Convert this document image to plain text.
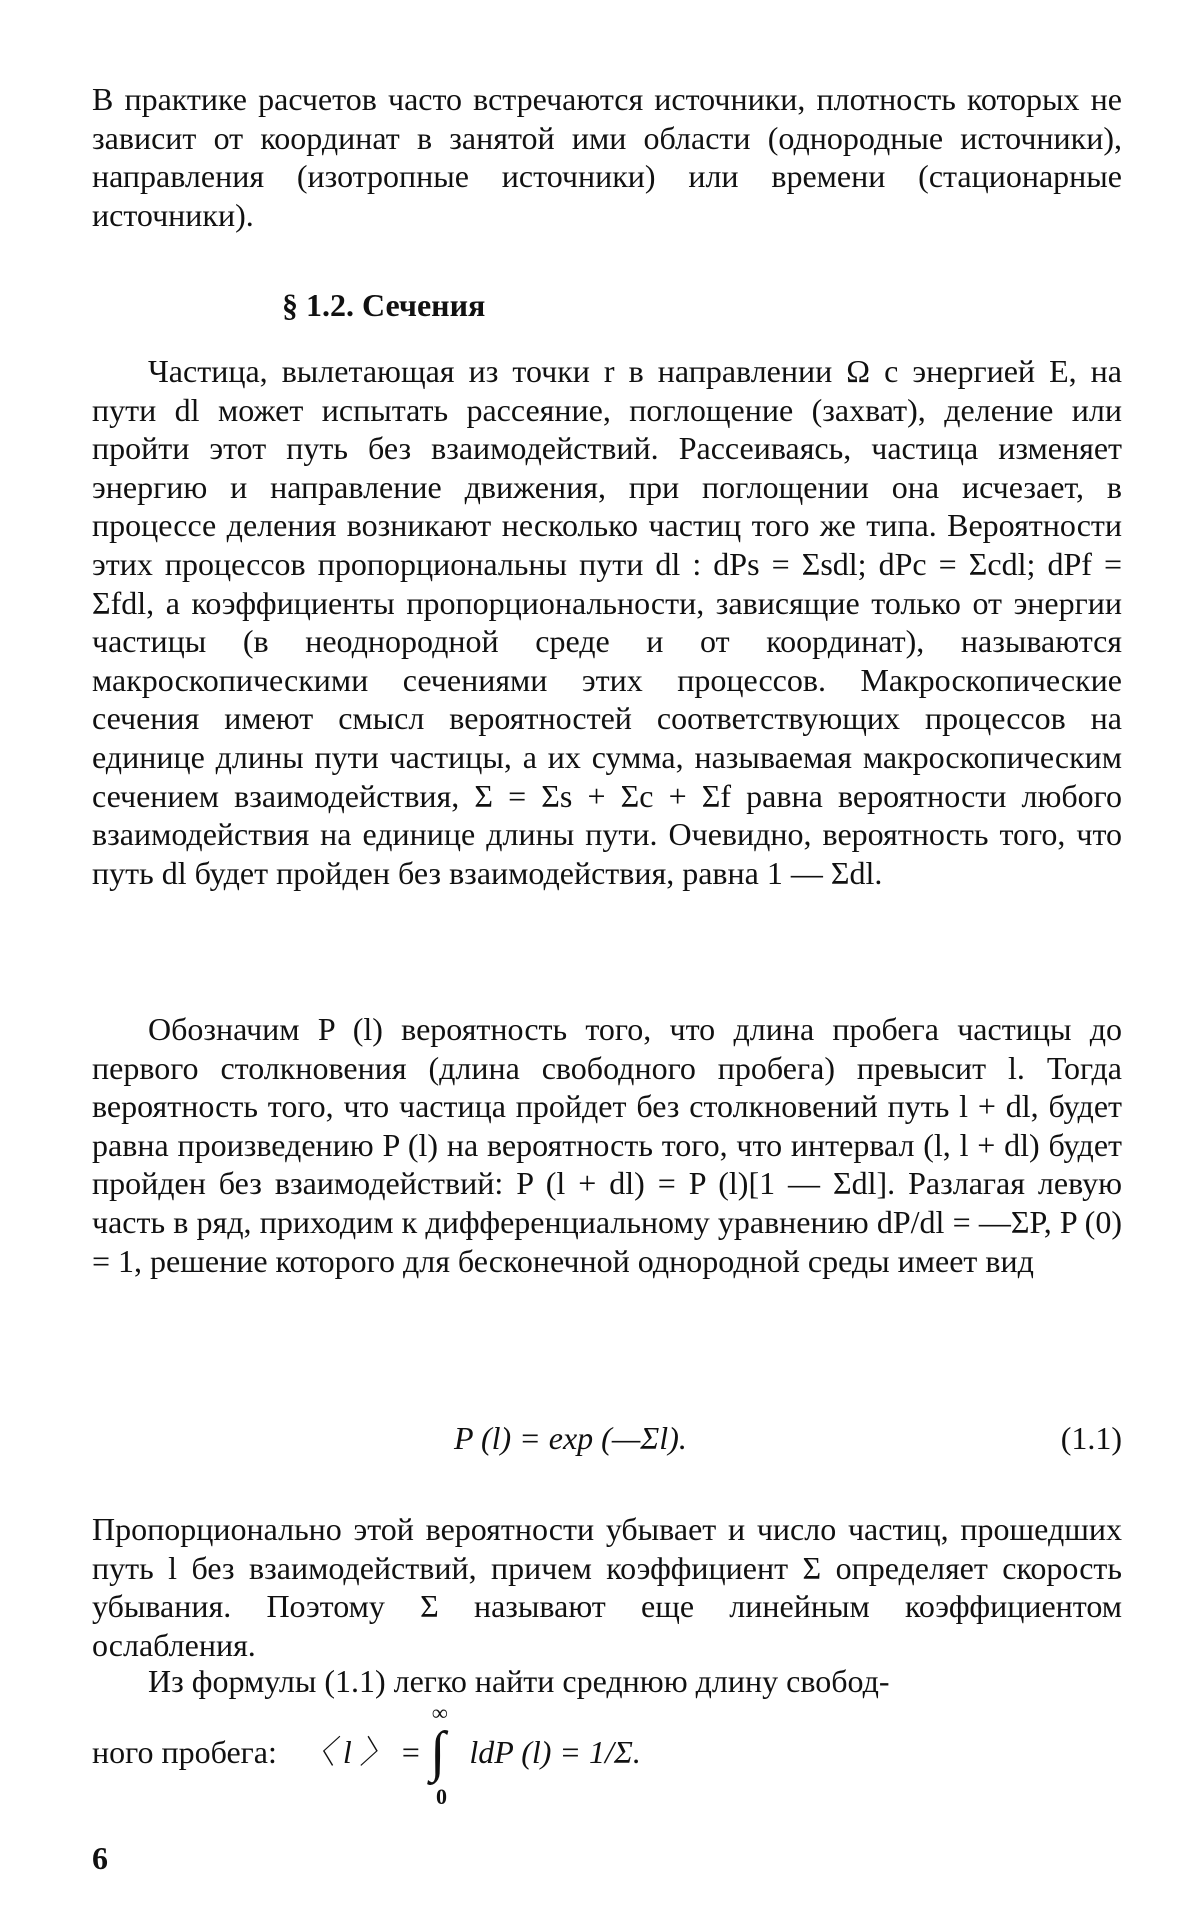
В практике расчетов часто встречаются источники, плотность которых не зависит от координат в занятой ими области (однородные источники), направления (изотропные источники) или времени (стационарные источники).

§ 1.2. Сечения

Частица, вылетающая из точки r в направлении Ω с энергией E, на пути dl может испытать рассеяние, поглощение (захват), деление или пройти этот путь без взаимодействий. Рассеиваясь, частица изменяет энергию и направление движения, при поглощении она исчезает, в процессе деления возникают несколько частиц того же типа. Вероятности этих процессов пропорциональны пути dl : dPs = Σsdl; dPc = Σcdl; dPf = Σfdl, а коэффициенты пропорциональности, зависящие только от энергии частицы (в неоднородной среде и от координат), называются макроскопическими сечениями этих процессов. Макроскопические сечения имеют смысл вероятностей соответствующих процессов на единице длины пути частицы, а их сумма, называемая макроскопическим сечением взаимодействия, Σ = Σs + Σc + Σf равна вероятности любого взаимодействия на единице длины пути. Очевидно, вероятность того, что путь dl будет пройден без взаимодействия, равна 1 — Σdl.

Обозначим P (l) вероятность того, что длина пробега частицы до первого столкновения (длина свободного пробега) превысит l. Тогда вероятность того, что частица пройдет без столкновений путь l + dl, будет равна произведению P (l) на вероятность того, что интервал (l, l + dl) будет пройден без взаимодействий: P (l + dl) = P (l)[1 — Σdl]. Разлагая левую часть в ряд, приходим к дифференциальному уравнению dP/dl = —ΣP, P (0) = 1, решение которого для бесконечной однородной среды имеет вид

P (l) = exp (—Σl).	(1.1)

Пропорционально этой вероятности убывает и число частиц, прошедших путь l без взаимодействий, причем коэффициент Σ определяет скорость убывания. Поэтому Σ называют еще линейным коэффициентом ослабления.

Из формулы (1.1) легко найти среднюю длину свобод-

ного пробега: 〈 l 〉 = ldP (l) = 1/Σ.
∞
∫
0
6
